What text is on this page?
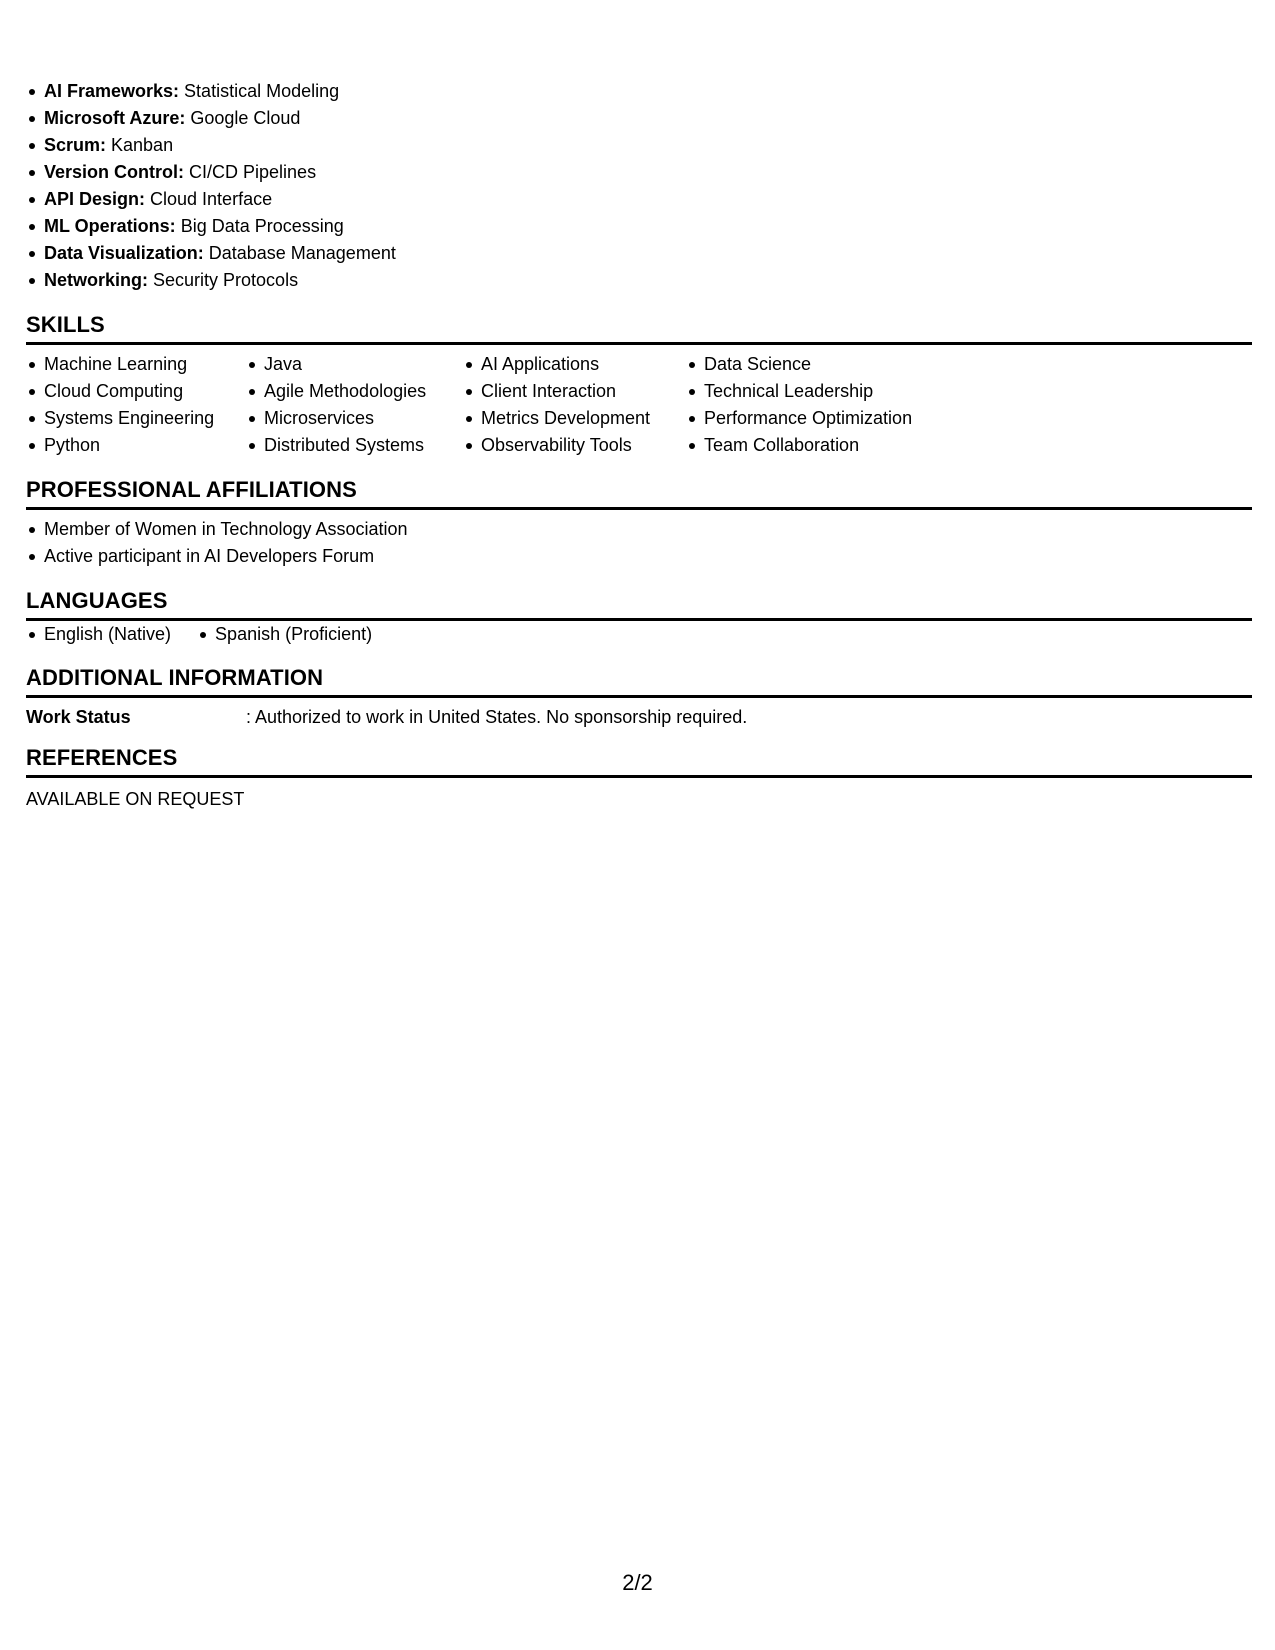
AI Frameworks: Statistical Modeling
Microsoft Azure: Google Cloud
Scrum: Kanban
Version Control: CI/CD Pipelines
API Design: Cloud Interface
ML Operations: Big Data Processing
Data Visualization: Database Management
Networking: Security Protocols
SKILLS
Machine Learning
Cloud Computing
Systems Engineering
Python
Java
Agile Methodologies
Microservices
Distributed Systems
AI Applications
Client Interaction
Metrics Development
Observability Tools
Data Science
Technical Leadership
Performance Optimization
Team Collaboration
PROFESSIONAL AFFILIATIONS
Member of Women in Technology Association
Active participant in AI Developers Forum
LANGUAGES
English (Native)	Spanish (Proficient)
ADDITIONAL INFORMATION
Work Status	: Authorized to work in United States. No sponsorship required.
REFERENCES
AVAILABLE ON REQUEST
2/2
